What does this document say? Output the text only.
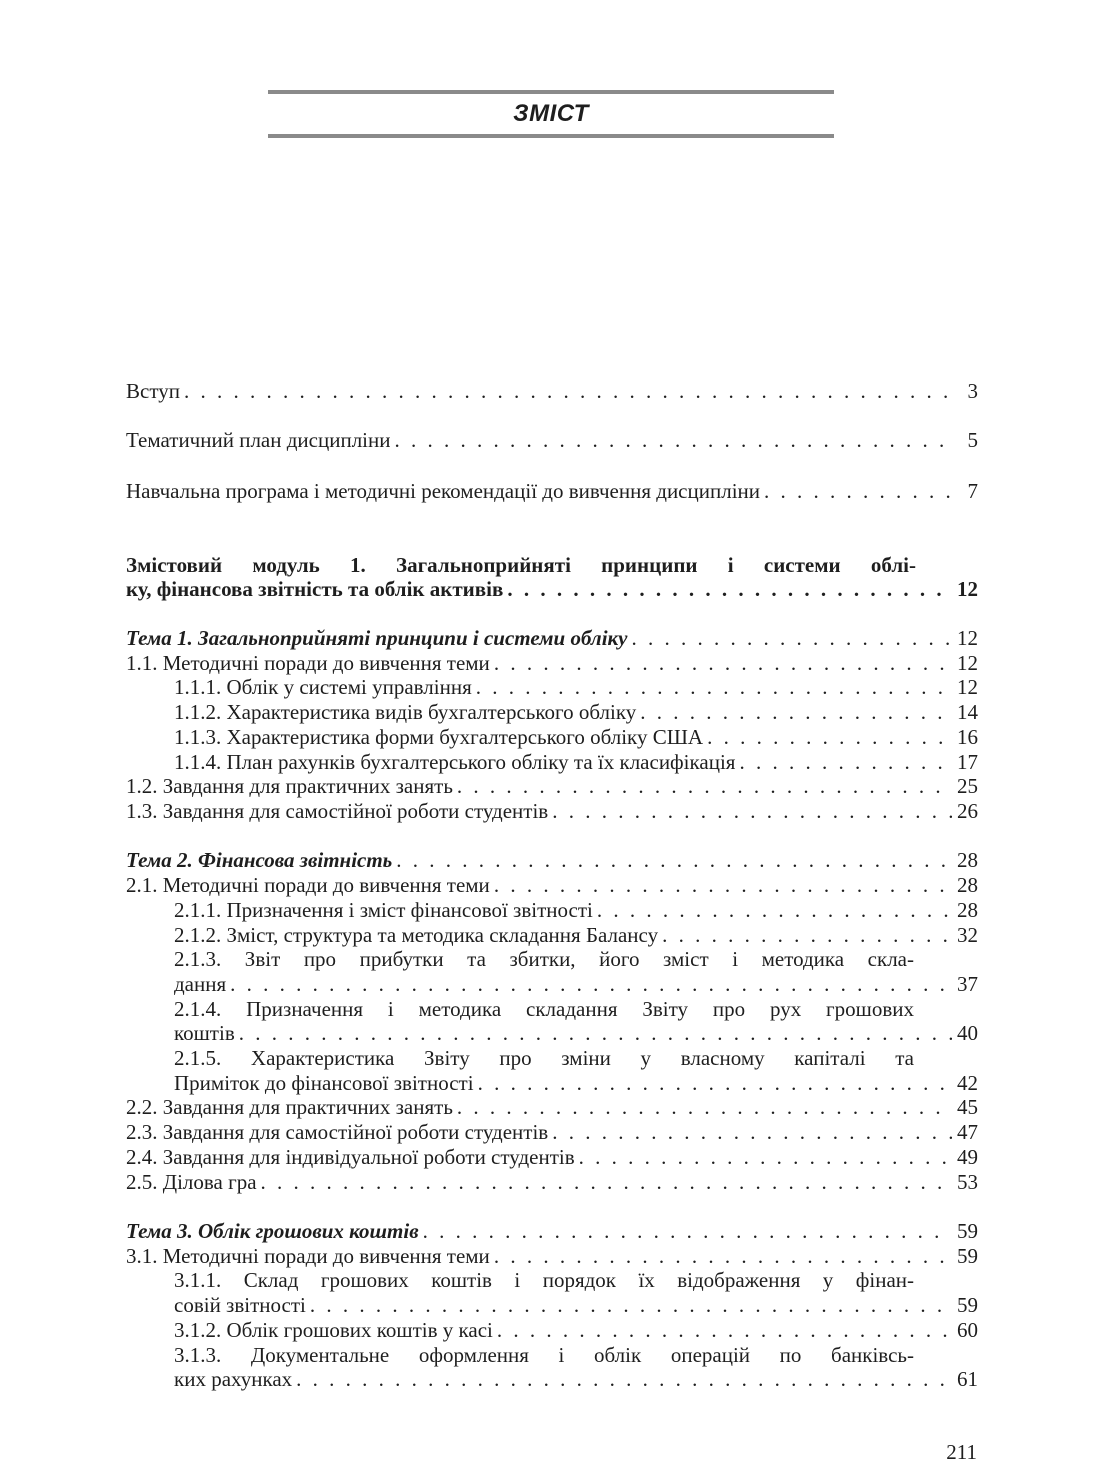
ЗМІСТ
Вступ . . .	3
Тематичний план дисципліни . . .	5
Навчальна програма і методичні рекомендації до вивчення дисципліни . . .	7
Змістовий модуль 1. Загальноприйняті принципи і системи облі-
ку, фінансова звітність та облік активів . . .	12
Тема 1. Загальноприйняті принципи і системи обліку . . .	12
1.1. Методичні поради до вивчення теми . . .	12
1.1.1. Облік у системі управління . . .	12
1.1.2. Характеристика видів бухгалтерського обліку . . .	14
1.1.3. Характеристика форми бухгалтерського обліку США . . .	16
1.1.4. План рахунків бухгалтерського обліку та їх класифікація . . .	17
1.2. Завдання для практичних занять . . .	25
1.3. Завдання для самостійної роботи студентів . . .	26
Тема 2. Фінансова звітність . . .	28
2.1. Методичні поради до вивчення теми . . .	28
2.1.1. Призначення і зміст фінансової звітності . . .	28
2.1.2. Зміст, структура та методика складання Балансу . . .	32
2.1.3. Звіт про прибутки та збитки, його зміст і методика скла-
дання . . .	37
2.1.4. Призначення і методика складання Звіту про рух грошових
коштів . . .	40
2.1.5. Характеристика Звіту про зміни у власному капіталі та
Приміток до фінансової звітності . . .	42
2.2. Завдання для практичних занять . . .	45
2.3. Завдання для самостійної роботи студентів . . .	47
2.4. Завдання для індивідуальної роботи студентів . . .	49
2.5. Ділова гра . . .	53
Тема 3. Облік грошових коштів . . .	59
3.1. Методичні поради до вивчення теми . . .	59
3.1.1. Склад грошових коштів і порядок їх відображення у фінан-
совій звітності . . .	59
3.1.2. Облік грошових коштів у касі . . .	60
3.1.3. Документальне оформлення і облік операцій по банківсь-
ких рахунках . . .	61
211
